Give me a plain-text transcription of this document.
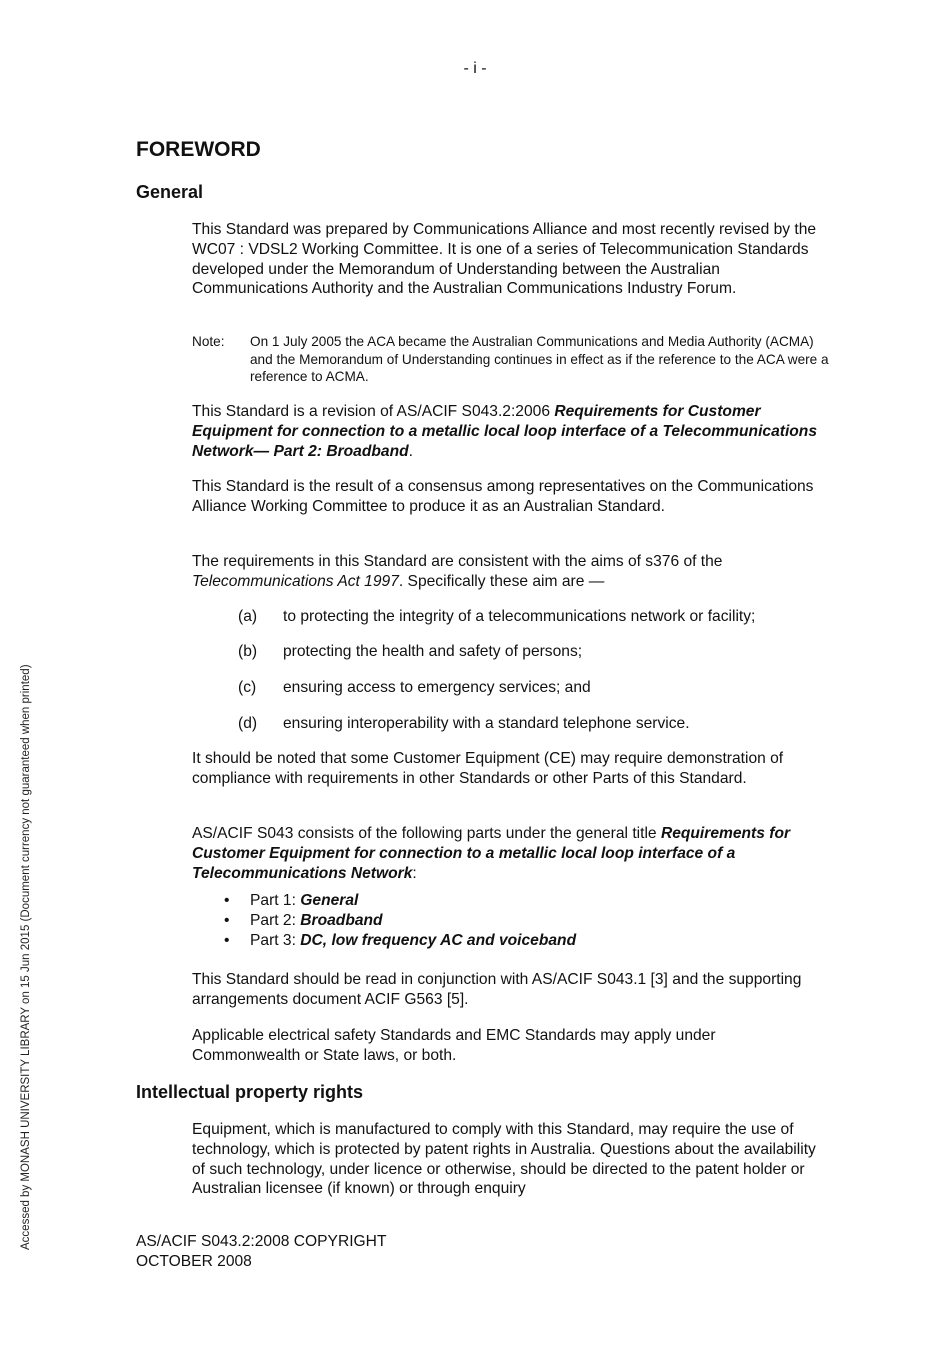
- i -
Accessed by MONASH UNIVERSITY LIBRARY on 15 Jun 2015 (Document currency not guaranteed when printed)
FOREWORD
General

This Standard was prepared by Communications Alliance and most recently revised by the WC07 : VDSL2 Working Committee. It is one of a series of Telecommunication Standards developed under the Memorandum of Understanding between the Australian Communications Authority and the Australian Communications Industry Forum.

Note:	On 1 July 2005 the ACA became the Australian Communications and Media Authority (ACMA) and the Memorandum of Understanding continues in effect as if the reference to the ACA were a reference to ACMA.

This Standard is a revision of AS/ACIF S043.2:2006 Requirements for Customer Equipment for connection to a metallic local loop interface of a Telecommunications Network— Part 2: Broadband.

This Standard is the result of a consensus among representatives on the Communications Alliance Working Committee to produce it as an Australian Standard.

The requirements in this Standard are consistent with the aims of s376 of the Telecommunications Act 1997. Specifically these aim are —

(a) to protecting the integrity of a telecommunications network or facility;
(b) protecting the health and safety of persons;
(c) ensuring access to emergency services; and
(d) ensuring interoperability with a standard telephone service.

It should be noted that some Customer Equipment (CE) may require demonstration of compliance with requirements in other Standards or other Parts of this Standard.

AS/ACIF S043 consists of the following parts under the general title Requirements for Customer Equipment for connection to a metallic local loop interface of a Telecommunications Network:

• Part 1: General
• Part 2: Broadband
• Part 3: DC, low frequency AC and voiceband

This Standard should be read in conjunction with AS/ACIF S043.1 [3] and the supporting arrangements document ACIF G563 [5].

Applicable electrical safety Standards and EMC Standards may apply under Commonwealth or State laws, or both.

Intellectual property rights

Equipment, which is manufactured to comply with this Standard, may require the use of technology, which is protected by patent rights in Australia. Questions about the availability of such technology, under licence or otherwise, should be directed to the patent holder or Australian licensee (if known) or through enquiry

AS/ACIF S043.2:2008 COPYRIGHT
OCTOBER 2008
